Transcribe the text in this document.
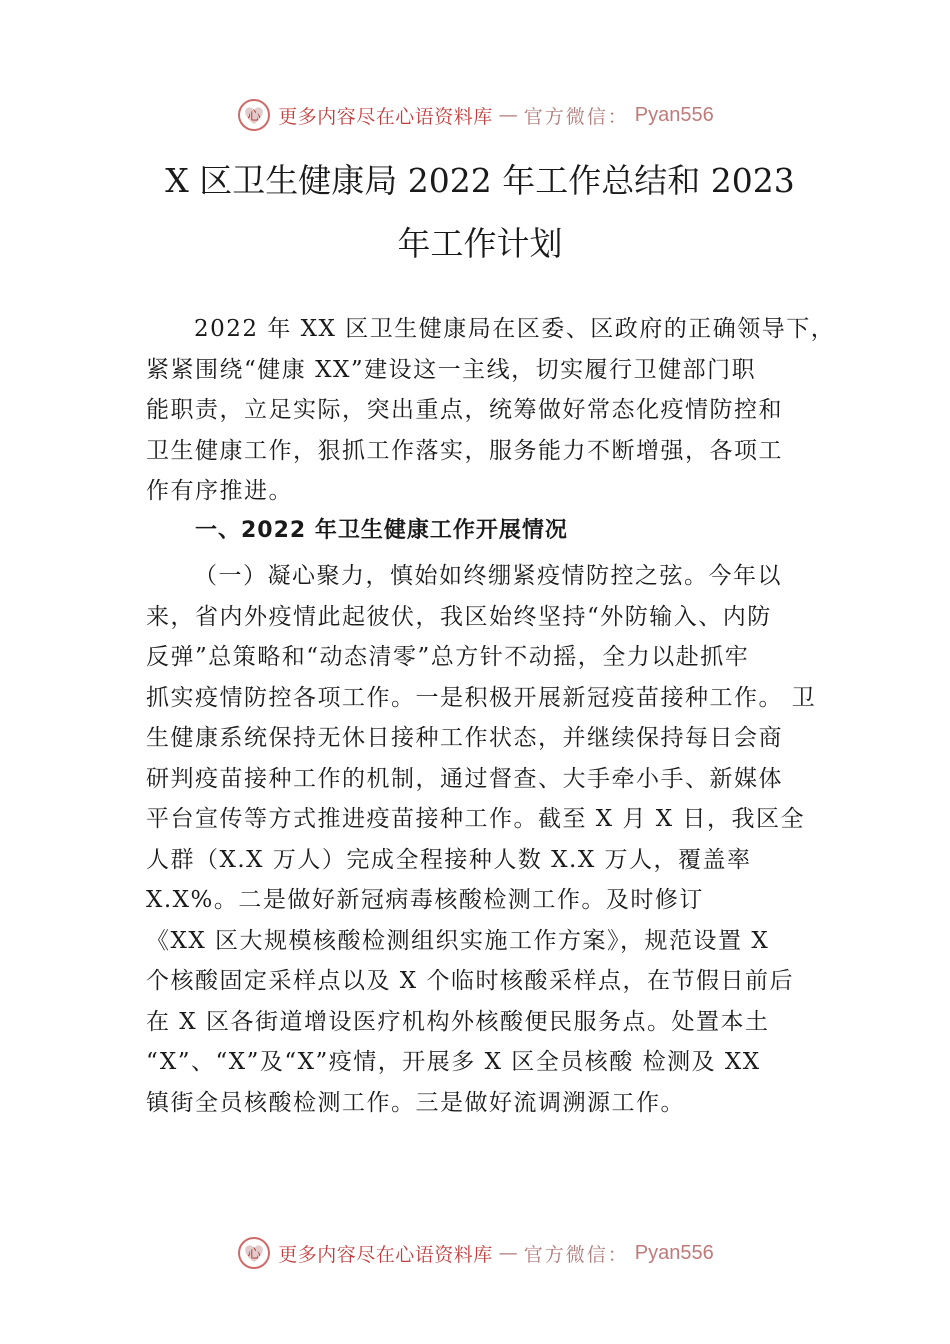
心 更多内容尽在心语资料库 — 官方微信： Pyan556
X 区卫生健康局 2022 年工作总结和 2023
年工作计划
2022 年 XX 区卫生健康局在区委、区政府的正确领导下，
紧紧围绕“健康 XX”建设这一主线，切实履行卫健部门职
能职责，立足实际，突出重点，统筹做好常态化疫情防控和
卫生健康工作，狠抓工作落实，服务能力不断增强，各项工
作有序推进。
一、2022 年卫生健康工作开展情况
（一）凝心聚力，慎始如终绷紧疫情防控之弦。今年以
来，省内外疫情此起彼伏，我区始终坚持“外防输入、内防
反弹”总策略和“动态清零”总方针不动摇，全力以赴抓牢
抓实疫情防控各项工作。一是积极开展新冠疫苗接种工作。 卫
生健康系统保持无休日接种工作状态，并继续保持每日会商
研判疫苗接种工作的机制，通过督查、大手牵小手、新媒体
平台宣传等方式推进疫苗接种工作。截至 X 月 X 日，我区全
人群（X.X 万人）完成全程接种人数 X.X 万人，覆盖率
X.X%。二是做好新冠病毒核酸检测工作。及时修订
《XX 区大规模核酸检测组织实施工作方案》，规范设置 X
个核酸固定采样点以及 X 个临时核酸采样点，在节假日前后
在 X 区各街道增设医疗机构外核酸便民服务点。处置本土
“X”、“X”及“X”疫情，开展多 X 区全员核酸 检测及 XX
镇街全员核酸检测工作。三是做好流调溯源工作。
心 更多内容尽在心语资料库 — 官方微信： Pyan556
